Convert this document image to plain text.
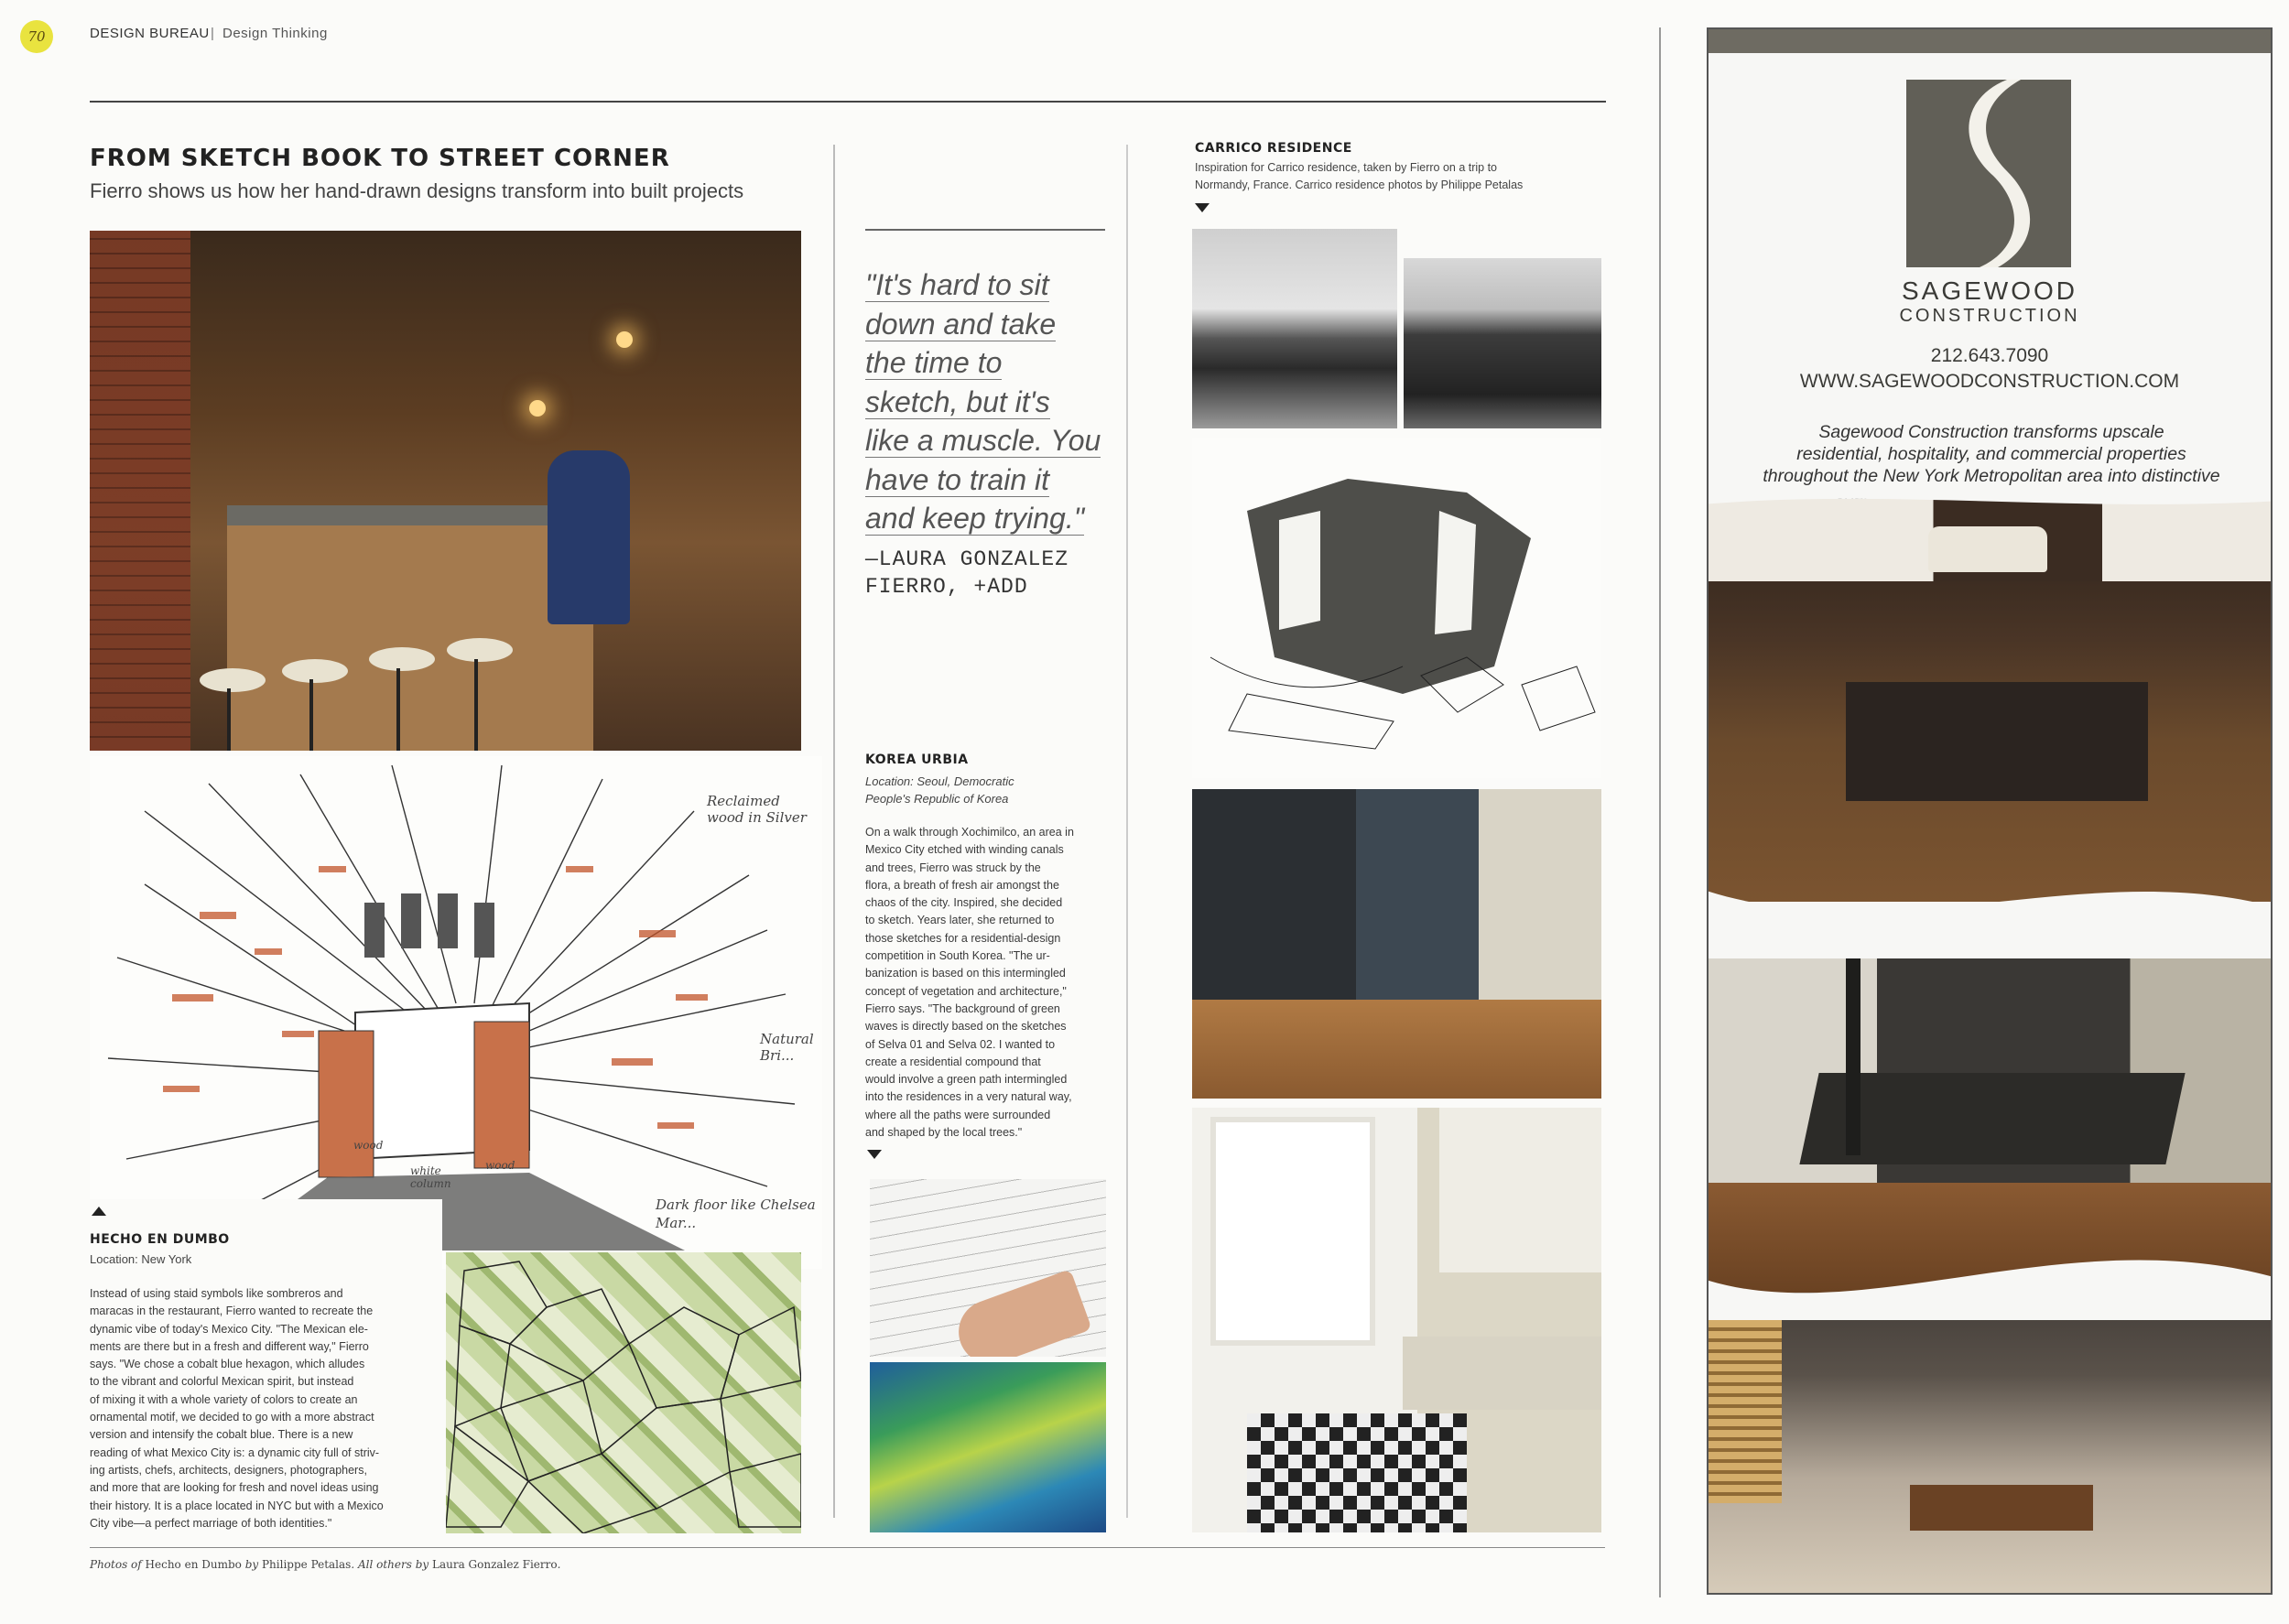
70	DESIGN BUREAU | Design Thinking
FROM SKETCH BOOK TO STREET CORNER
Fierro shows us how her hand-drawn designs transform into built projects
Reclaimed wood in Silver
Natural Bri...
wood
white column
wood
Dark floor like Chelsea Mar...
HECHO EN DUMBO
Location: New York
Instead of using staid symbols like sombreros and
maracas in the restaurant, Fierro wanted to recreate the
dynamic vibe of today's Mexico City. "The Mexican ele-
ments are there but in a fresh and different way," Fierro
says. "We chose a cobalt blue hexagon, which alludes
to the vibrant and colorful Mexican spirit, but instead
of mixing it with a whole variety of colors to create an
ornamental motif, we decided to go with a more abstract
version and intensify the cobalt blue. There is a new
reading of what Mexico City is: a dynamic city full of striv-
ing artists, chefs, architects, designers, photographers,
and more that are looking for fresh and novel ideas using
their history. It is a place located in NYC but with a Mexico
City vibe—a perfect marriage of both identities."
Photos of Hecho en Dumbo by Philippe Petalas. All others by Laura Gonzalez Fierro.
"It's hard to sit
down and take
the time to
sketch, but it's
like a muscle. You
have to train it
and keep trying."
—LAURA GONZALEZ
FIERRO, +ADD
KOREA URBIA
Location: Seoul, Democratic
People's Republic of Korea
On a walk through Xochimilco, an area in
Mexico City etched with winding canals
and trees, Fierro was struck by the
flora, a breath of fresh air amongst the
chaos of the city. Inspired, she decided
to sketch. Years later, she returned to
those sketches for a residential-design
competition in South Korea. "The ur-
banization is based on this intermingled
concept of vegetation and architecture,"
Fierro says. "The background of green
waves is directly based on the sketches
of Selva 01 and Selva 02. I wanted to
create a residential compound that
would involve a green path intermingled
into the residences in a very natural way,
where all the paths were surrounded
and shaped by the local trees."
CARRICO RESIDENCE
Inspiration for Carrico residence, taken by Fierro on a trip to
Normandy, France. Carrico residence photos by Philippe Petalas
SAGEWOOD
CONSTRUCTION
212.643.7090
WWW.SAGEWOODCONSTRUCTION.COM
Sagewood Construction transforms upscale
residential, hospitality, and commercial properties
throughout the New York Metropolitan area into distinctive
